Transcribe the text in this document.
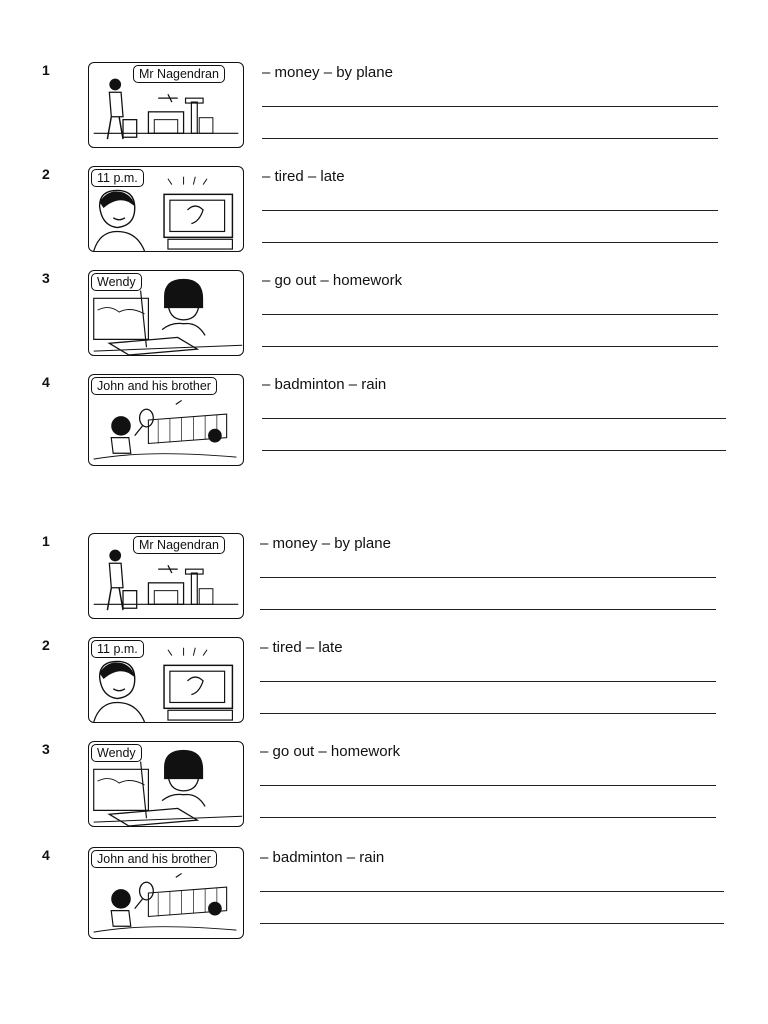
1	Mr Nagendran	– money – by plane
2	11 p.m.	– tired – late
3	Wendy	– go out – homework
4	John and his brother	– badminton – rain
1	Mr Nagendran	– money – by plane
2	11 p.m.	– tired – late
3	Wendy	– go out – homework
4	John and his brother	– badminton – rain
